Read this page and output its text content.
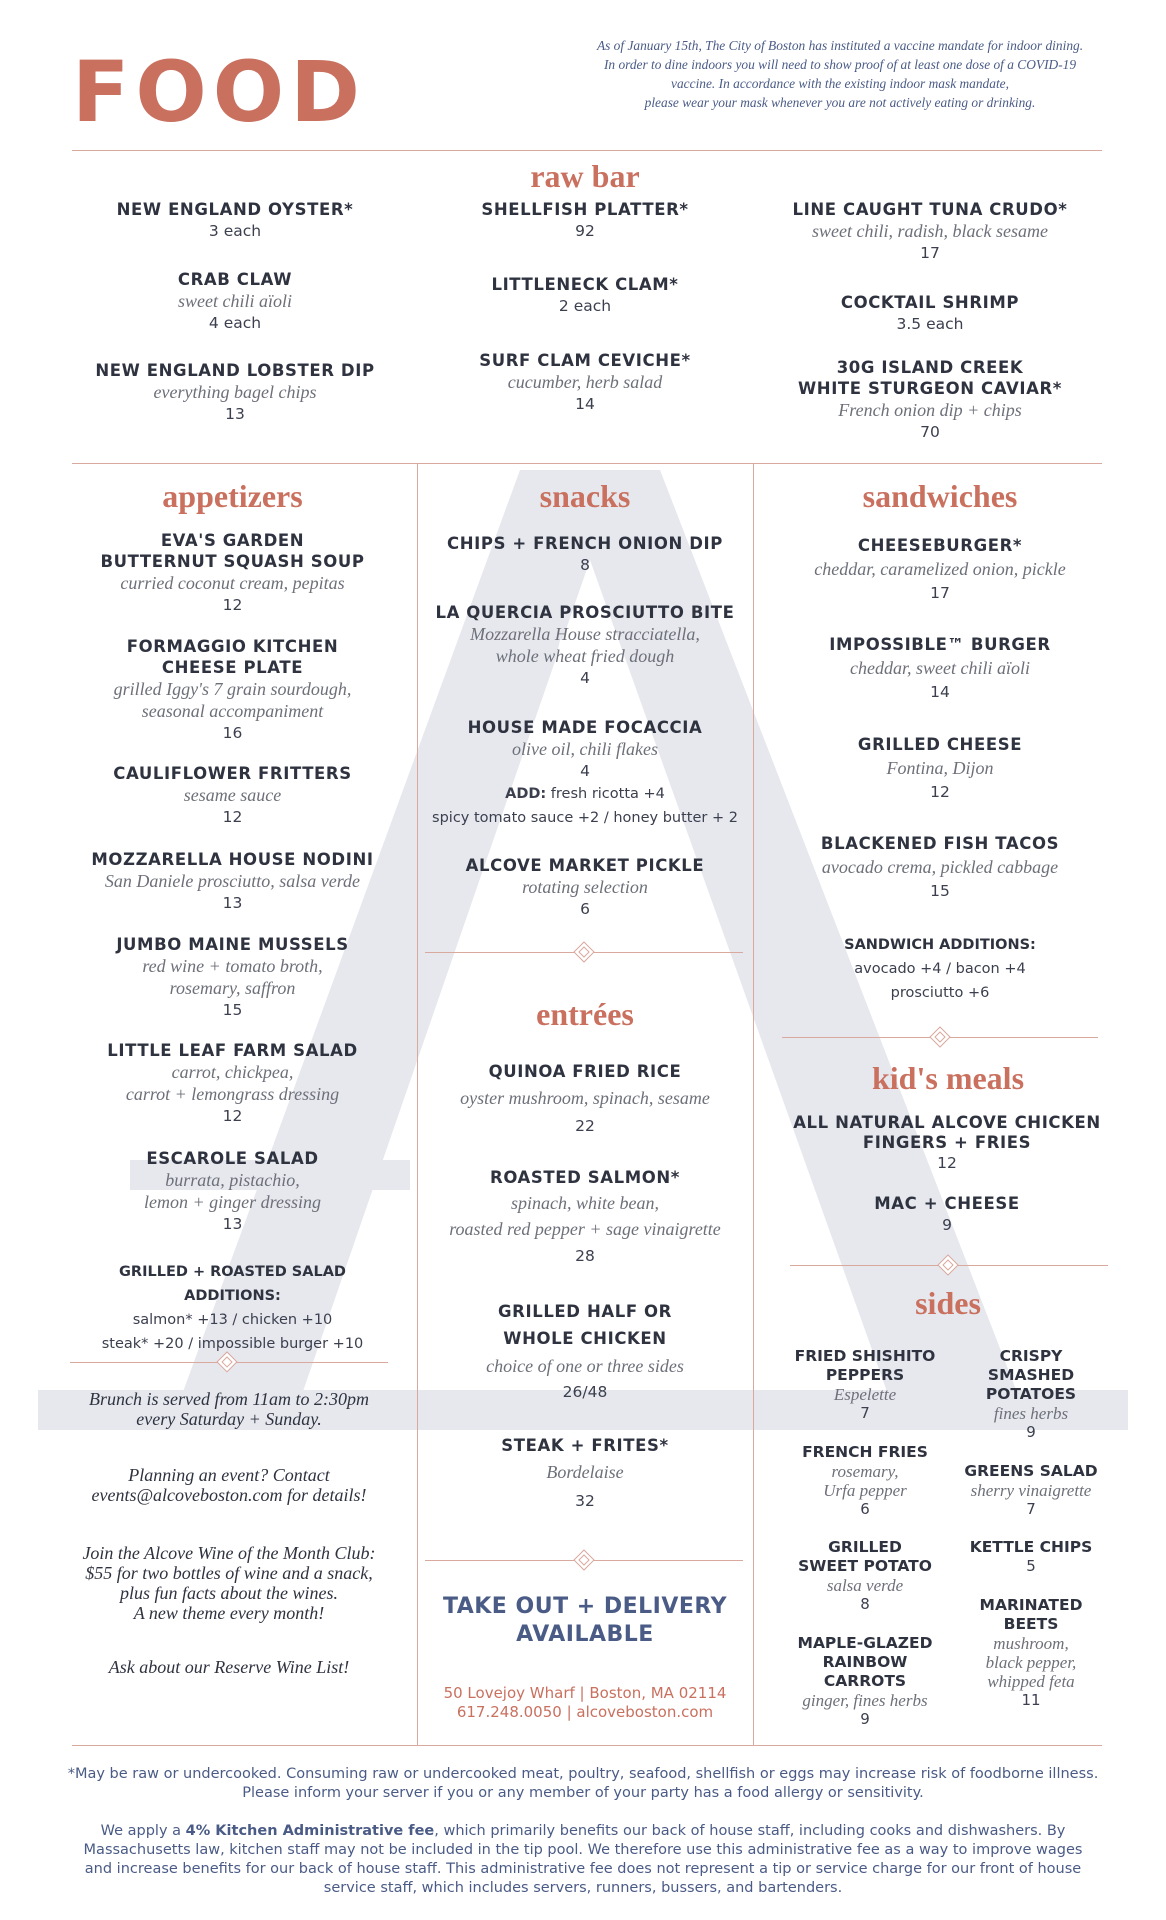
FOOD	As of January 15th, The City of Boston has instituted a vaccine mandate for indoor dining.
In order to dine indoors you will need to show proof of at least one dose of a COVID-19
vaccine. In accordance with the existing indoor mask mandate,
please wear your mask whenever you are not actively eating or drinking.
raw bar
NEW ENGLAND OYSTER*
3 each
CRAB CLAW
sweet chili aïoli
4 each
NEW ENGLAND LOBSTER DIP
everything bagel chips
13
SHELLFISH PLATTER*
92
LITTLENECK CLAM*
2 each
SURF CLAM CEVICHE*
cucumber, herb salad
14
LINE CAUGHT TUNA CRUDO*
sweet chili, radish, black sesame
17
COCKTAIL SHRIMP
3.5 each
30G ISLAND CREEK
WHITE STURGEON CAVIAR*
French onion dip + chips
70
appetizers
EVA'S GARDEN
BUTTERNUT SQUASH SOUP
curried coconut cream, pepitas
12
FORMAGGIO KITCHEN
CHEESE PLATE
grilled Iggy's 7 grain sourdough,
seasonal accompaniment
16
CAULIFLOWER FRITTERS
sesame sauce
12
MOZZARELLA HOUSE NODINI
San Daniele prosciutto, salsa verde
13
JUMBO MAINE MUSSELS
red wine + tomato broth,
rosemary, saffron
15
LITTLE LEAF FARM SALAD
carrot, chickpea,
carrot + lemongrass dressing
12
ESCAROLE SALAD
burrata, pistachio,
lemon + ginger dressing
13
GRILLED + ROASTED SALAD ADDITIONS:
salmon* +13 / chicken +10
steak* +20 / impossible burger +10
Brunch is served from 11am to 2:30pm
every Saturday + Sunday.
Planning an event? Contact
events@alcoveboston.com for details!
Join the Alcove Wine of the Month Club:
$55 for two bottles of wine and a snack,
plus fun facts about the wines.
A new theme every month!
Ask about our Reserve Wine List!
snacks
CHIPS + FRENCH ONION DIP
8
LA QUERCIA PROSCIUTTO BITE
Mozzarella House stracciatella,
whole wheat fried dough
4
HOUSE MADE FOCACCIA
olive oil, chili flakes
4
ADD: fresh ricotta +4
spicy tomato sauce +2 / honey butter + 2
ALCOVE MARKET PICKLE
rotating selection
6
entrées
QUINOA FRIED RICE
oyster mushroom, spinach, sesame
22
ROASTED SALMON*
spinach, white bean,
roasted red pepper + sage vinaigrette
28
GRILLED HALF OR
WHOLE CHICKEN
choice of one or three sides
26/48
STEAK + FRITES*
Bordelaise
32
TAKE OUT + DELIVERY
AVAILABLE
50 Lovejoy Wharf | Boston, MA 02114
617.248.0050 | alcoveboston.com
sandwiches
CHEESEBURGER*
cheddar, caramelized onion, pickle
17
IMPOSSIBLE™ BURGER
cheddar, sweet chili aïoli
14
GRILLED CHEESE
Fontina, Dijon
12
BLACKENED FISH TACOS
avocado crema, pickled cabbage
15
SANDWICH ADDITIONS:
avocado +4 / bacon +4
prosciutto +6
kid's meals
ALL NATURAL ALCOVE CHICKEN
FINGERS + FRIES
12
MAC + CHEESE
9
sides
FRIED SHISHITO
PEPPERS
Espelette
7
FRENCH FRIES
rosemary,
Urfa pepper
6
GRILLED
SWEET POTATO
salsa verde
8
MAPLE-GLAZED
RAINBOW
CARROTS
ginger, fines herbs
9
CRISPY
SMASHED
POTATOES
fines herbs
9
GREENS SALAD
sherry vinaigrette
7
KETTLE CHIPS
5
MARINATED
BEETS
mushroom,
black pepper,
whipped feta
11
*May be raw or undercooked. Consuming raw or undercooked meat, poultry, seafood, shellfish or eggs may increase risk of foodborne illness.
Please inform your server if you or any member of your party has a food allergy or sensitivity.
We apply a 4% Kitchen Administrative fee, which primarily benefits our back of house staff, including cooks and dishwashers. By Massachusetts law, kitchen staff may not be included in the tip pool. We therefore use this administrative fee as a way to improve wages and increase benefits for our back of house staff. This administrative fee does not represent a tip or service charge for our front of house service staff, which includes servers, runners, bussers, and bartenders.
